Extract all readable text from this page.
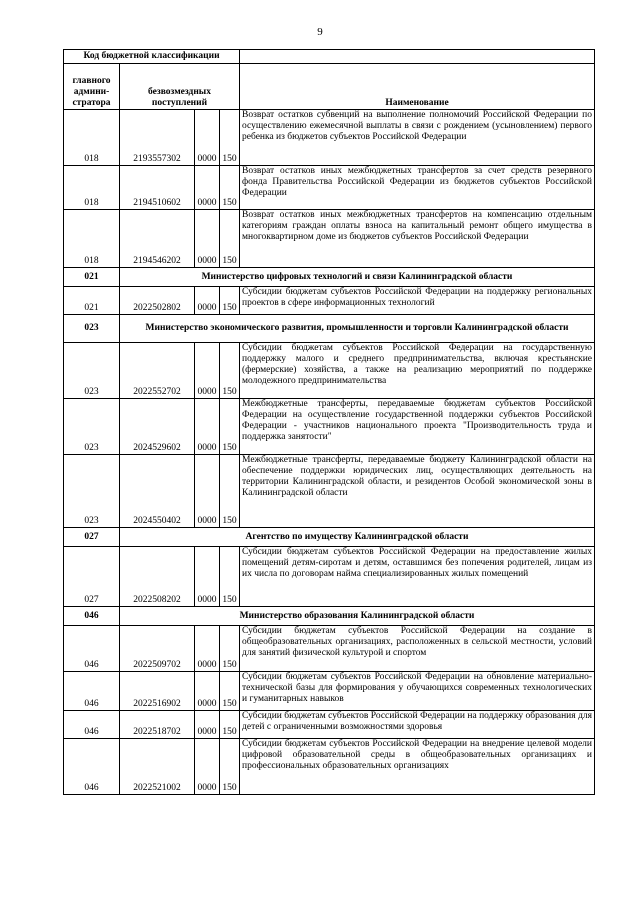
9
Код бюджетной классификации				
главного админи-стратора	безвозмездных поступлений			Наименование
018	2193557302	0000	150	Возврат остатков субвенций на выполнение полномочий Российской Федерации по осуществлению ежемесячной выплаты в связи с рождением (усыновлением) первого ребенка из бюджетов субъектов Российской Федерации

018	2194510602	0000	150	Возврат остатков иных межбюджетных трансфертов за счет средств резервного фонда Правительства Российской Федерации из бюджетов субъектов Российской Федерации

018	2194546202	0000	150	Возврат остатков иных межбюджетных трансфертов на компенсацию отдельным категориям граждан оплаты взноса на капитальный ремонт общего имущества в многоквартирном доме из бюджетов субъектов Российской Федерации

021	Министерство цифровых технологий и связи Калининградской области			
021	2022502802	0000	150	Субсидии бюджетам субъектов Российской Федерации на поддержку региональных проектов в сфере информационных технологий

023	Министерство экономического развития, промышленности и торговли Калининградской области			
023	2022552702	0000	150	Субсидии бюджетам субъектов Российской Федерации на государственную поддержку малого и среднего предпринимательства, включая крестьянские (фермерские) хозяйства, а также на реализацию мероприятий по поддержке молодежного предпринимательства

023	2024529602	0000	150	Межбюджетные трансферты, передаваемые бюджетам субъектов Российской Федерации на осуществление государственной поддержки субъектов Российской Федерации - участников национального проекта "Производительность труда и поддержка занятости"

023	2024550402	0000	150	Межбюджетные трансферты, передаваемые бюджету Калининградской области на обеспечение поддержки юридических лиц, осуществляющих деятельность на территории Калининградской области, и резидентов Особой экономической зоны в Калининградской области

027	Агентство по имуществу Калининградской области			
027	2022508202	0000	150	Субсидии бюджетам субъектов Российской Федерации на предоставление жилых помещений детям-сиротам и детям, оставшимся без попечения родителей, лицам из их числа по договорам найма специализированных жилых помещений

046	Министерство образования Калининградской области			
046	2022509702	0000	150	Субсидии бюджетам субъектов Российской Федерации на создание в общеобразовательных организациях, расположенных в сельской местности, условий для занятий физической культурой и спортом

046	2022516902	0000	150	Субсидии бюджетам субъектов Российской Федерации на обновление материально-технической базы для формирования у обучающихся современных технологических и гуманитарных навыков

046	2022518702	0000	150	Субсидии бюджетам субъектов Российской Федерации на поддержку образования для детей с ограниченными возможностями здоровья

046	2022521002	0000	150	Субсидии бюджетам субъектов Российской Федерации на внедрение целевой модели цифровой образовательной среды в общеобразовательных организациях и профессиональных образовательных организациях
